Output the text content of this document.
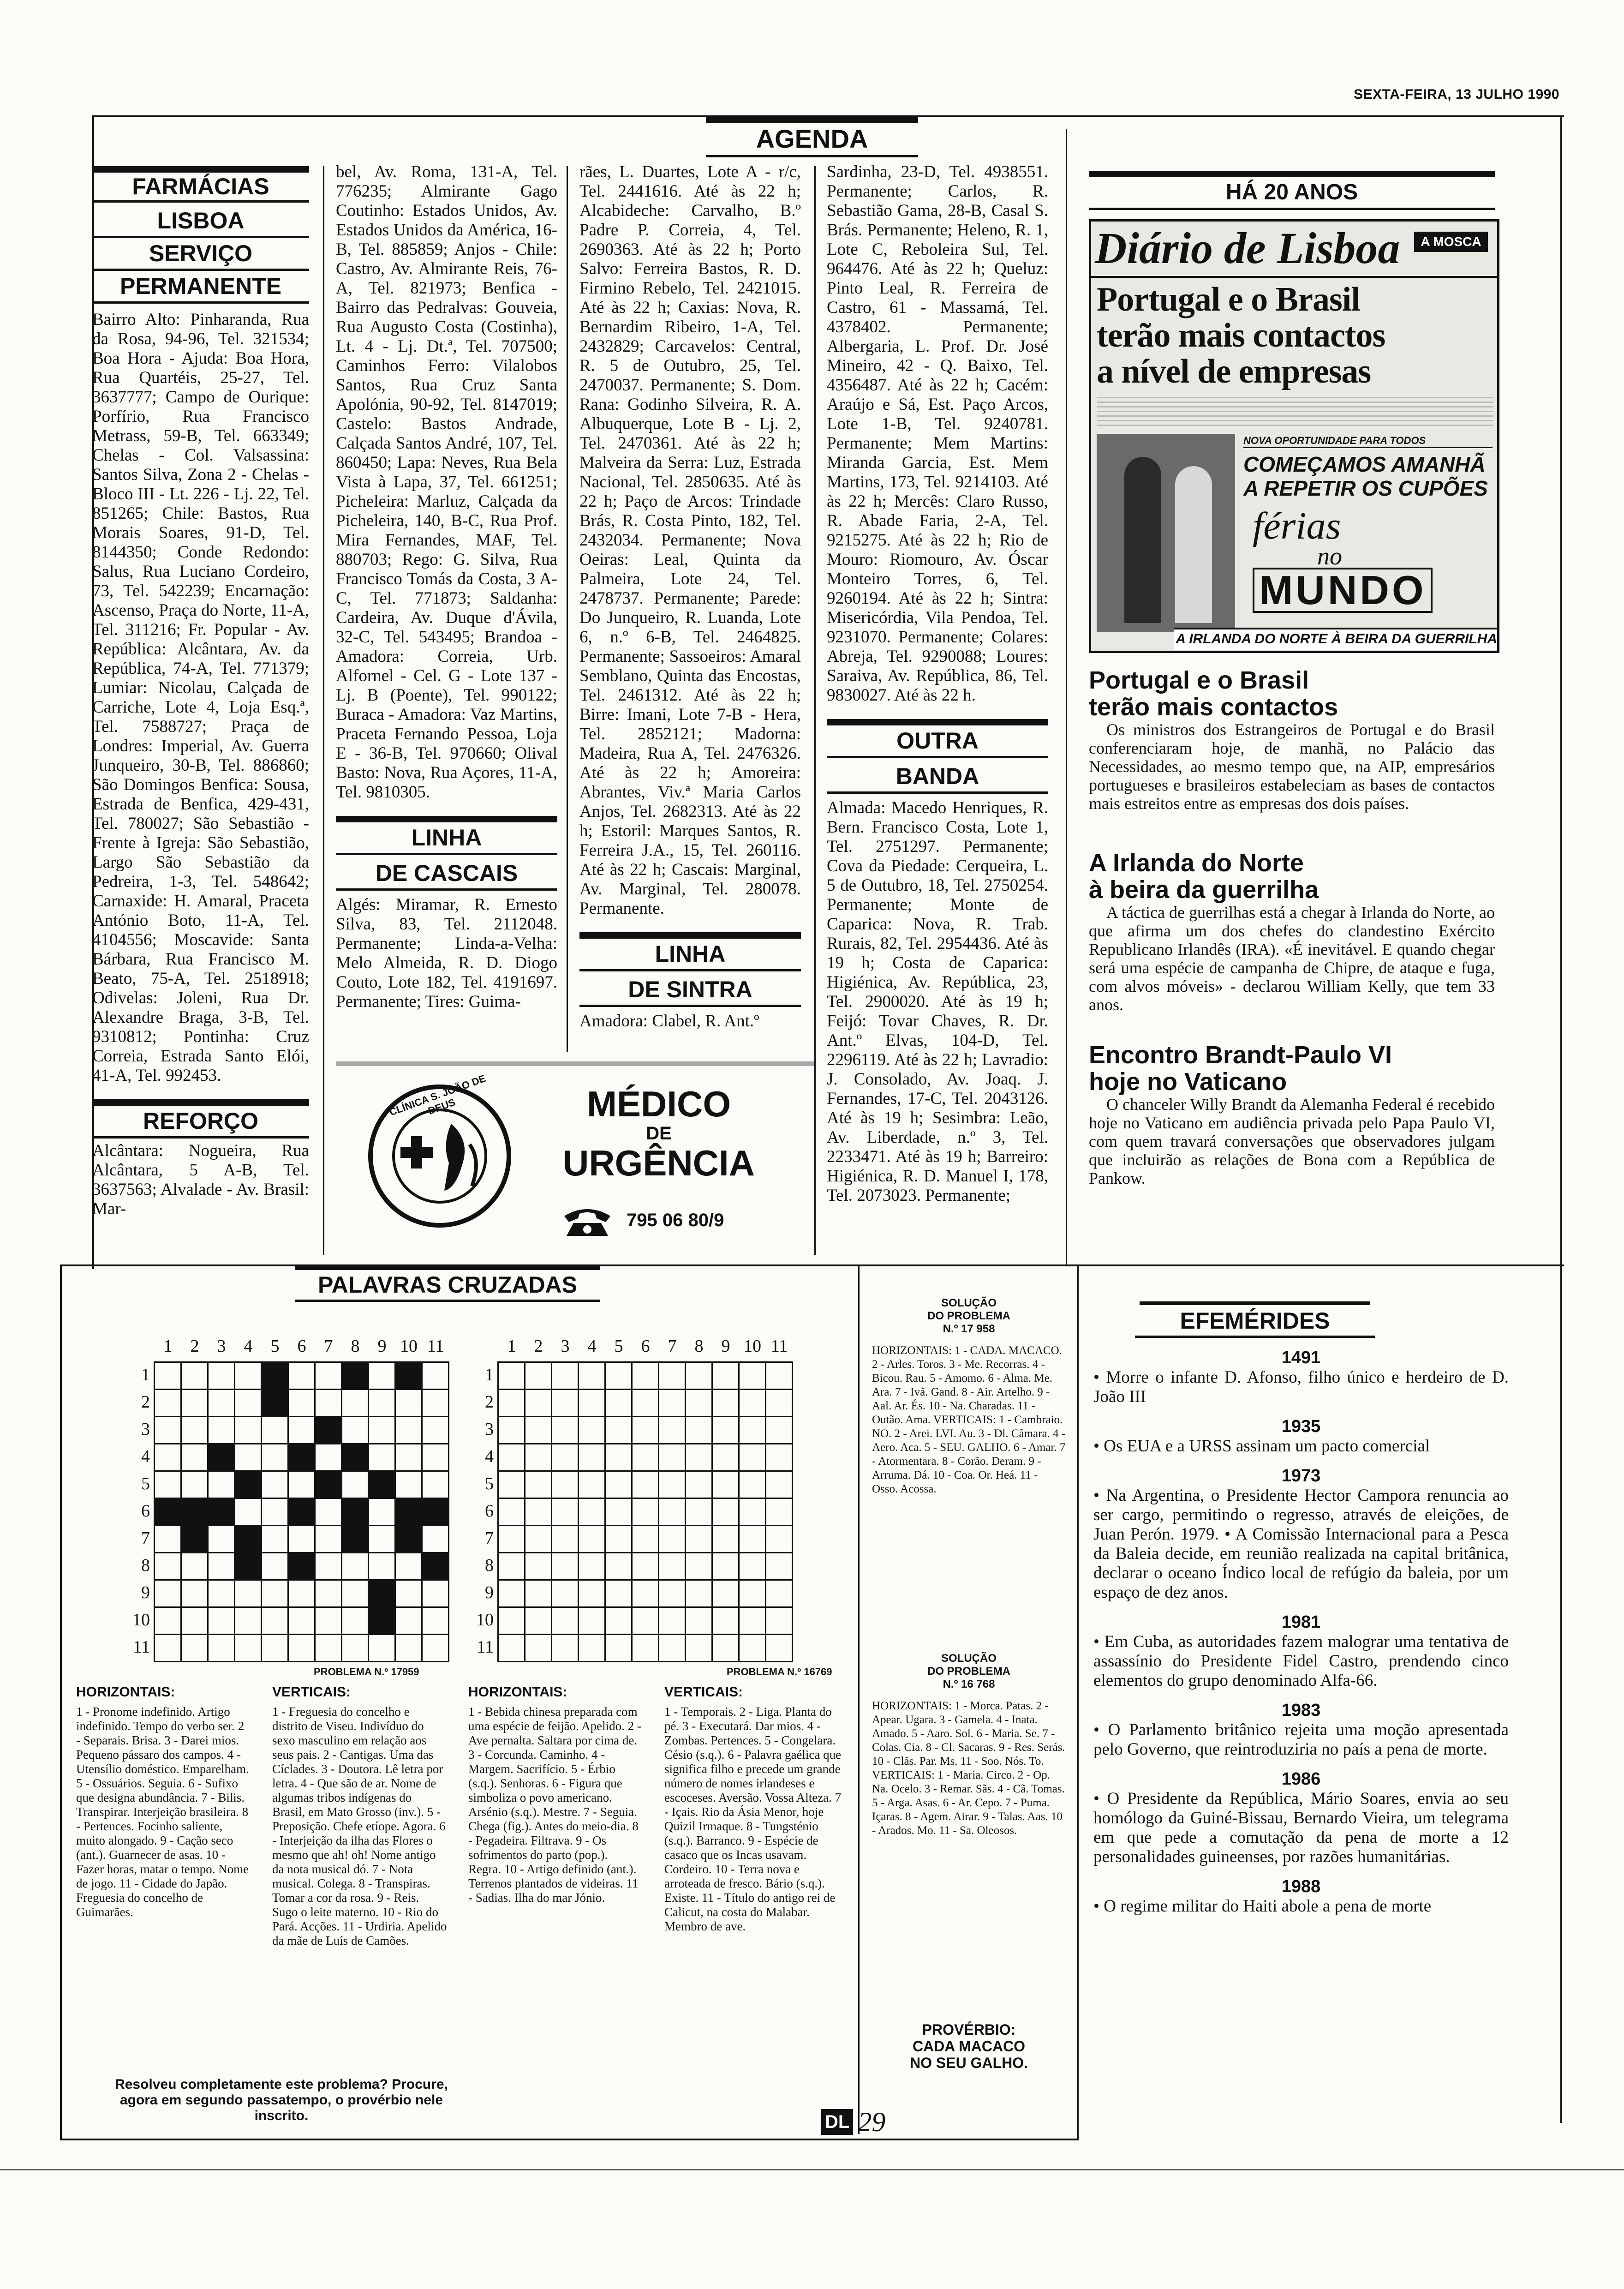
SEXTA-FEIRA, 13 JULHO 1990
AGENDA
FARMÁCIAS
LISBOA
SERVIÇO
PERMANENTE
Bairro Alto: Pinharanda, Rua da Rosa, 94-96, Tel. 321534; Boa Hora - Ajuda: Boa Hora, Rua Quartéis, 25-27, Tel. 3637777; Campo de Ourique: Porfírio, Rua Francisco Metrass, 59-B, Tel. 663349; Chelas - Col. Valsassina: Santos Silva, Zona 2 - Chelas - Bloco III - Lt. 226 - Lj. 22, Tel. 851265; Chile: Bastos, Rua Morais Soares, 91-D, Tel. 8144350; Conde Redondo: Salus, Rua Luciano Cordeiro, 73, Tel. 542239; Encarnação: Ascenso, Praça do Norte, 11-A, Tel. 311216; Fr. Popular - Av. República: Alcântara, Av. da República, 74-A, Tel. 771379; Lumiar: Nicolau, Calçada de Carriche, Lote 4, Loja Esq.ª, Tel. 7588727; Praça de Londres: Imperial, Av. Guerra Junqueiro, 30-B, Tel. 886860; São Domingos Benfica: Sousa, Estrada de Benfica, 429-431, Tel. 780027; São Sebastião - Frente à Igreja: São Sebastião, Largo São Sebastião da Pedreira, 1-3, Tel. 548642; Carnaxide: H. Amaral, Praceta António Boto, 11-A, Tel. 4104556; Moscavide: Santa Bárbara, Rua Francisco M. Beato, 75-A, Tel. 2518918; Odivelas: Joleni, Rua Dr. Alexandre Braga, 3-B, Tel. 9310812; Pontinha: Cruz Correia, Estrada Santo Elói, 41-A, Tel. 992453.
REFORÇO
Alcântara: Nogueira, Rua Alcântara, 5 A-B, Tel. 3637563; Alvalade - Av. Brasil: Mar-
bel, Av. Roma, 131-A, Tel. 776235; Almirante Gago Coutinho: Estados Unidos, Av. Estados Unidos da América, 16-B, Tel. 885859; Anjos - Chile: Castro, Av. Almirante Reis, 76-A, Tel. 821973; Benfica - Bairro das Pedralvas: Gouveia, Rua Augusto Costa (Costinha), Lt. 4 - Lj. Dt.ª, Tel. 707500; Caminhos Ferro: Vilalobos Santos, Rua Cruz Santa Apolónia, 90-92, Tel. 8147019; Castelo: Bastos Andrade, Calçada Santos André, 107, Tel. 860450; Lapa: Neves, Rua Bela Vista à Lapa, 37, Tel. 661251; Picheleira: Marluz, Calçada da Picheleira, 140, B-C, Rua Prof. Mira Fernandes, MAF, Tel. 880703; Rego: G. Silva, Rua Francisco Tomás da Costa, 3 A-C, Tel. 771873; Saldanha: Cardeira, Av. Duque d'Ávila, 32-C, Tel. 543495; Brandoa - Amadora: Correia, Urb. Alfornel - Cel. G - Lote 137 - Lj. B (Poente), Tel. 990122; Buraca - Amadora: Vaz Martins, Praceta Fernando Pessoa, Loja E - 36-B, Tel. 970660; Olival Basto: Nova, Rua Açores, 11-A, Tel. 9810305.
LINHA
DE CASCAIS
Algés: Miramar, R. Ernesto Silva, 83, Tel. 2112048. Permanente; Linda-a-Velha: Melo Almeida, R. D. Diogo Couto, Lote 182, Tel. 4191697. Permanente; Tires: Guima-
rães, L. Duartes, Lote A - r/c, Tel. 2441616. Até às 22 h; Alcabideche: Carvalho, B.º Padre P. Correia, 4, Tel. 2690363. Até às 22 h; Porto Salvo: Ferreira Bastos, R. D. Firmino Rebelo, Tel. 2421015. Até às 22 h; Caxias: Nova, R. Bernardim Ribeiro, 1-A, Tel. 2432829; Carcavelos: Central, R. 5 de Outubro, 25, Tel. 2470037. Permanente; S. Dom. Rana: Godinho Silveira, R. A. Albuquerque, Lote B - Lj. 2, Tel. 2470361. Até às 22 h; Malveira da Serra: Luz, Estrada Nacional, Tel. 2850635. Até às 22 h; Paço de Arcos: Trindade Brás, R. Costa Pinto, 182, Tel. 2432034. Permanente; Nova Oeiras: Leal, Quinta da Palmeira, Lote 24, Tel. 2478737. Permanente; Parede: Do Junqueiro, R. Luanda, Lote 6, n.º 6-B, Tel. 2464825. Permanente; Sassoeiros: Amaral Semblano, Quinta das Encostas, Tel. 2461312. Até às 22 h; Birre: Imani, Lote 7-B - Hera, Tel. 2852121; Madorna: Madeira, Rua A, Tel. 2476326. Até às 22 h; Amoreira: Abrantes, Viv.ª Maria Carlos Anjos, Tel. 2682313. Até às 22 h; Estoril: Marques Santos, R. Ferreira J.A., 15, Tel. 260116. Até às 22 h; Cascais: Marginal, Av. Marginal, Tel. 280078. Permanente.
LINHA
DE SINTRA
Amadora: Clabel, R. Ant.º
Sardinha, 23-D, Tel. 4938551. Permanente; Carlos, R. Sebastião Gama, 28-B, Casal S. Brás. Permanente; Heleno, R. 1, Lote C, Reboleira Sul, Tel. 964476. Até às 22 h; Queluz: Pinto Leal, R. Ferreira de Castro, 61 - Massamá, Tel. 4378402. Permanente; Albergaria, L. Prof. Dr. José Mineiro, 42 - Q. Baixo, Tel. 4356487. Até às 22 h; Cacém: Araújo e Sá, Est. Paço Arcos, Lote 1-B, Tel. 9240781. Permanente; Mem Martins: Miranda Garcia, Est. Mem Martins, 173, Tel. 9214103. Até às 22 h; Mercês: Claro Russo, R. Abade Faria, 2-A, Tel. 9215275. Até às 22 h; Rio de Mouro: Riomouro, Av. Óscar Monteiro Torres, 6, Tel. 9260194. Até às 22 h; Sintra: Misericórdia, Vila Pendoa, Tel. 9231070. Permanente; Colares: Abreja, Tel. 9290088; Loures: Saraiva, Av. República, 86, Tel. 9830027. Até às 22 h.
OUTRA
BANDA
Almada: Macedo Henriques, R. Bern. Francisco Costa, Lote 1, Tel. 2751297. Permanente; Cova da Piedade: Cerqueira, L. 5 de Outubro, 18, Tel. 2750254. Permanente; Monte de Caparica: Nova, R. Trab. Rurais, 82, Tel. 2954436. Até às 19 h; Costa de Caparica: Higiénica, Av. República, 23, Tel. 2900020. Até às 19 h; Feijó: Tovar Chaves, R. Dr. Ant.º Elvas, 104-D, Tel. 2296119. Até às 22 h; Lavradio: J. Consolado, Av. Joaq. J. Fernandes, 17-C, Tel. 2043126. Até às 19 h; Sesimbra: Leão, Av. Liberdade, n.º 3, Tel. 2233471. Até às 19 h; Barreiro: Higiénica, R. D. Manuel I, 178, Tel. 2073023. Permanente;
CLÍNICA S. JOÃO DE DEUS	MÉDICO
DE
URGÊNCIA
795 06 80/9
HÁ 20 ANOS
Diário de Lisboa	A MOSCA
Portugal e o Brasil
terão mais contactos
a nível de empresas
NOVA OPORTUNIDADE PARA TODOS
COMEÇAMOS AMANHÃ
A REPETIR OS CUPÕES
férias
no
MUNDO
A IRLANDA DO NORTE À BEIRA DA GUERRILHA
Portugal e o Brasil
terão mais contactos
Os ministros dos Estrangeiros de Portugal e do Brasil conferenciaram hoje, de manhã, no Palácio das Necessidades, ao mesmo tempo que, na AIP, empresários portugueses e brasileiros estabeleciam as bases de contactos mais estreitos entre as empresas dos dois países.
A Irlanda do Norte
à beira da guerrilha
A táctica de guerrilhas está a chegar à Irlanda do Norte, ao que afirma um dos chefes do clandestino Exército Republicano Irlandês (IRA). «É inevitável. E quando chegar será uma espécie de campanha de Chipre, de ataque e fuga, com alvos móveis» - declarou William Kelly, que tem 33 anos.
Encontro Brandt-Paulo VI
hoje no Vaticano
O chanceler Willy Brandt da Alemanha Federal é recebido hoje no Vaticano em audiência privada pelo Papa Paulo VI, com quem travará conversações que observadores julgam que incluirão as relações de Bona com a República de Pankow.
PALAVRAS CRUZADAS
1 2 3 4 5 6 7 8 9 10 11
1
2
3
4
5
6
7
8
9
10
11

1 2 3 4 5 6 7 8 9 10 11
1
2
3
4
5
6
7
8
9
10
11

PROBLEMA N.º 17959	PROBLEMA N.º 16769
HORIZONTAIS:
1 - Pronome indefinido. Artigo indefinido. Tempo do verbo ser. 2 - Separais. Brisa. 3 - Darei mios. Pequeno pássaro dos campos. 4 - Utensílio doméstico. Emparelham. 5 - Ossuários. Seguia. 6 - Sufixo que designa abundância. 7 - Bilis. Transpirar. Interjeição brasileira. 8 - Pertences. Focinho saliente, muito alongado. 9 - Cação seco (ant.). Guarnecer de asas. 10 - Fazer horas, matar o tempo. Nome de jogo. 11 - Cidade do Japão. Freguesia do concelho de Guimarães.
VERTICAIS:
1 - Freguesia do concelho e distrito de Viseu. Indivíduo do sexo masculino em relação aos seus pais. 2 - Cantigas. Uma das Cíclades. 3 - Doutora. Lê letra por letra. 4 - Que são de ar. Nome de algumas tribos indígenas do Brasil, em Mato Grosso (inv.). 5 - Preposição. Chefe etíope. Agora. 6 - Interjeição da ilha das Flores o mesmo que ah! oh! Nome antigo da nota musical dó. 7 - Nota musical. Colega. 8 - Transpiras. Tomar a cor da rosa. 9 - Reis. Sugo o leite materno. 10 - Rio do Pará. Acções. 11 - Urdiria. Apelido da mãe de Luís de Camões.
HORIZONTAIS:
1 - Bebida chinesa preparada com uma espécie de feijão. Apelido. 2 - Ave pernalta. Saltara por cima de. 3 - Corcunda. Caminho. 4 - Margem. Sacrifício. 5 - Érbio (s.q.). Senhoras. 6 - Figura que simboliza o povo americano. Arsénio (s.q.). Mestre. 7 - Seguia. Chega (fig.). Antes do meio-dia. 8 - Pegadeira. Filtrava. 9 - Os sofrimentos do parto (pop.). Regra. 10 - Artigo definido (ant.). Terrenos plantados de videiras. 11 - Sadias. Ilha do mar Jónio.
VERTICAIS:
1 - Temporais. 2 - Liga. Planta do pé. 3 - Executará. Dar mios. 4 - Zombas. Pertences. 5 - Congelara. Césio (s.q.). 6 - Palavra gaélica que significa filho e precede um grande número de nomes irlandeses e escoceses. Aversão. Vossa Alteza. 7 - Içais. Rio da Ásia Menor, hoje Quizil Irmaque. 8 - Tungsténio (s.q.). Barranco. 9 - Espécie de casaco que os Incas usavam. Cordeiro. 10 - Terra nova e arroteada de fresco. Bário (s.q.). Existe. 11 - Título do antigo rei de Calicut, na costa do Malabar. Membro de ave.
Resolveu completamente este problema? Procure, agora em segundo passatempo, o provérbio nele inscrito.
SOLUÇÃO
DO PROBLEMA
N.º 17 958
HORIZONTAIS: 1 - CADA. MACACO. 2 - Arles. Toros. 3 - Me. Recorras. 4 - Bicou. Rau. 5 - Amomo. 6 - Alma. Me. Ara. 7 - Ivã. Gand. 8 - Air. Artelho. 9 - Aal. Ar. És. 10 - Na. Charadas. 11 - Outão. Ama. VERTICAIS: 1 - Cambraio. NO. 2 - Arei. LVI. Au. 3 - Dl. Câmara. 4 - Aero. Aca. 5 - SEU. GALHO. 6 - Amar. 7 - Atormentara. 8 - Corão. Deram. 9 - Arruma. Dá. 10 - Coa. Or. Heá. 11 - Osso. Acossa.
SOLUÇÃO
DO PROBLEMA
N.º 16 768
HORIZONTAIS: 1 - Morca. Patas. 2 - Apear. Ugara. 3 - Gamela. 4 - Inata. Amado. 5 - Aaro. Sol. 6 - Maria. Se. 7 - Colas. Cia. 8 - Cl. Sacaras. 9 - Res. Serás. 10 - Clãs. Par. Ms. 11 - Soo. Nós. To. VERTICAIS: 1 - Maria. Circo. 2 - Op. Na. Ocelo. 3 - Remar. Sãs. 4 - Cã. Tomas. 5 - Arga. Asas. 6 - Ar. Cepo. 7 - Puma. Içaras. 8 - Agem. Airar. 9 - Talas. Aas. 10 - Arados. Mo. 11 - Sa. Oleosos.
PROVÉRBIO:
CADA MACACO
NO SEU GALHO.
EFEMÉRIDES
1491
• Morre o infante D. Afonso, filho único e herdeiro de D. João III
1935
• Os EUA e a URSS assinam um pacto comercial
1973
• Na Argentina, o Presidente Hector Campora renuncia ao ser cargo, permitindo o regresso, através de eleições, de Juan Perón. 1979. • A Comissão Internacional para a Pesca da Baleia decide, em reunião realizada na capital britânica, declarar o oceano Índico local de refúgio da baleia, por um espaço de dez anos.
1981
• Em Cuba, as autoridades fazem malograr uma tentativa de assassínio do Presidente Fidel Castro, prendendo cinco elementos do grupo denominado Alfa-66.
1983
• O Parlamento britânico rejeita uma moção apresentada pelo Governo, que reintroduziria no país a pena de morte.
1986
• O Presidente da República, Mário Soares, envia ao seu homólogo da Guiné-Bissau, Bernardo Vieira, um telegrama em que pede a comutação da pena de morte a 12 personalidades guineenses, por razões humanitárias.
1988
• O regime militar do Haiti abole a pena de morte
DL 29
